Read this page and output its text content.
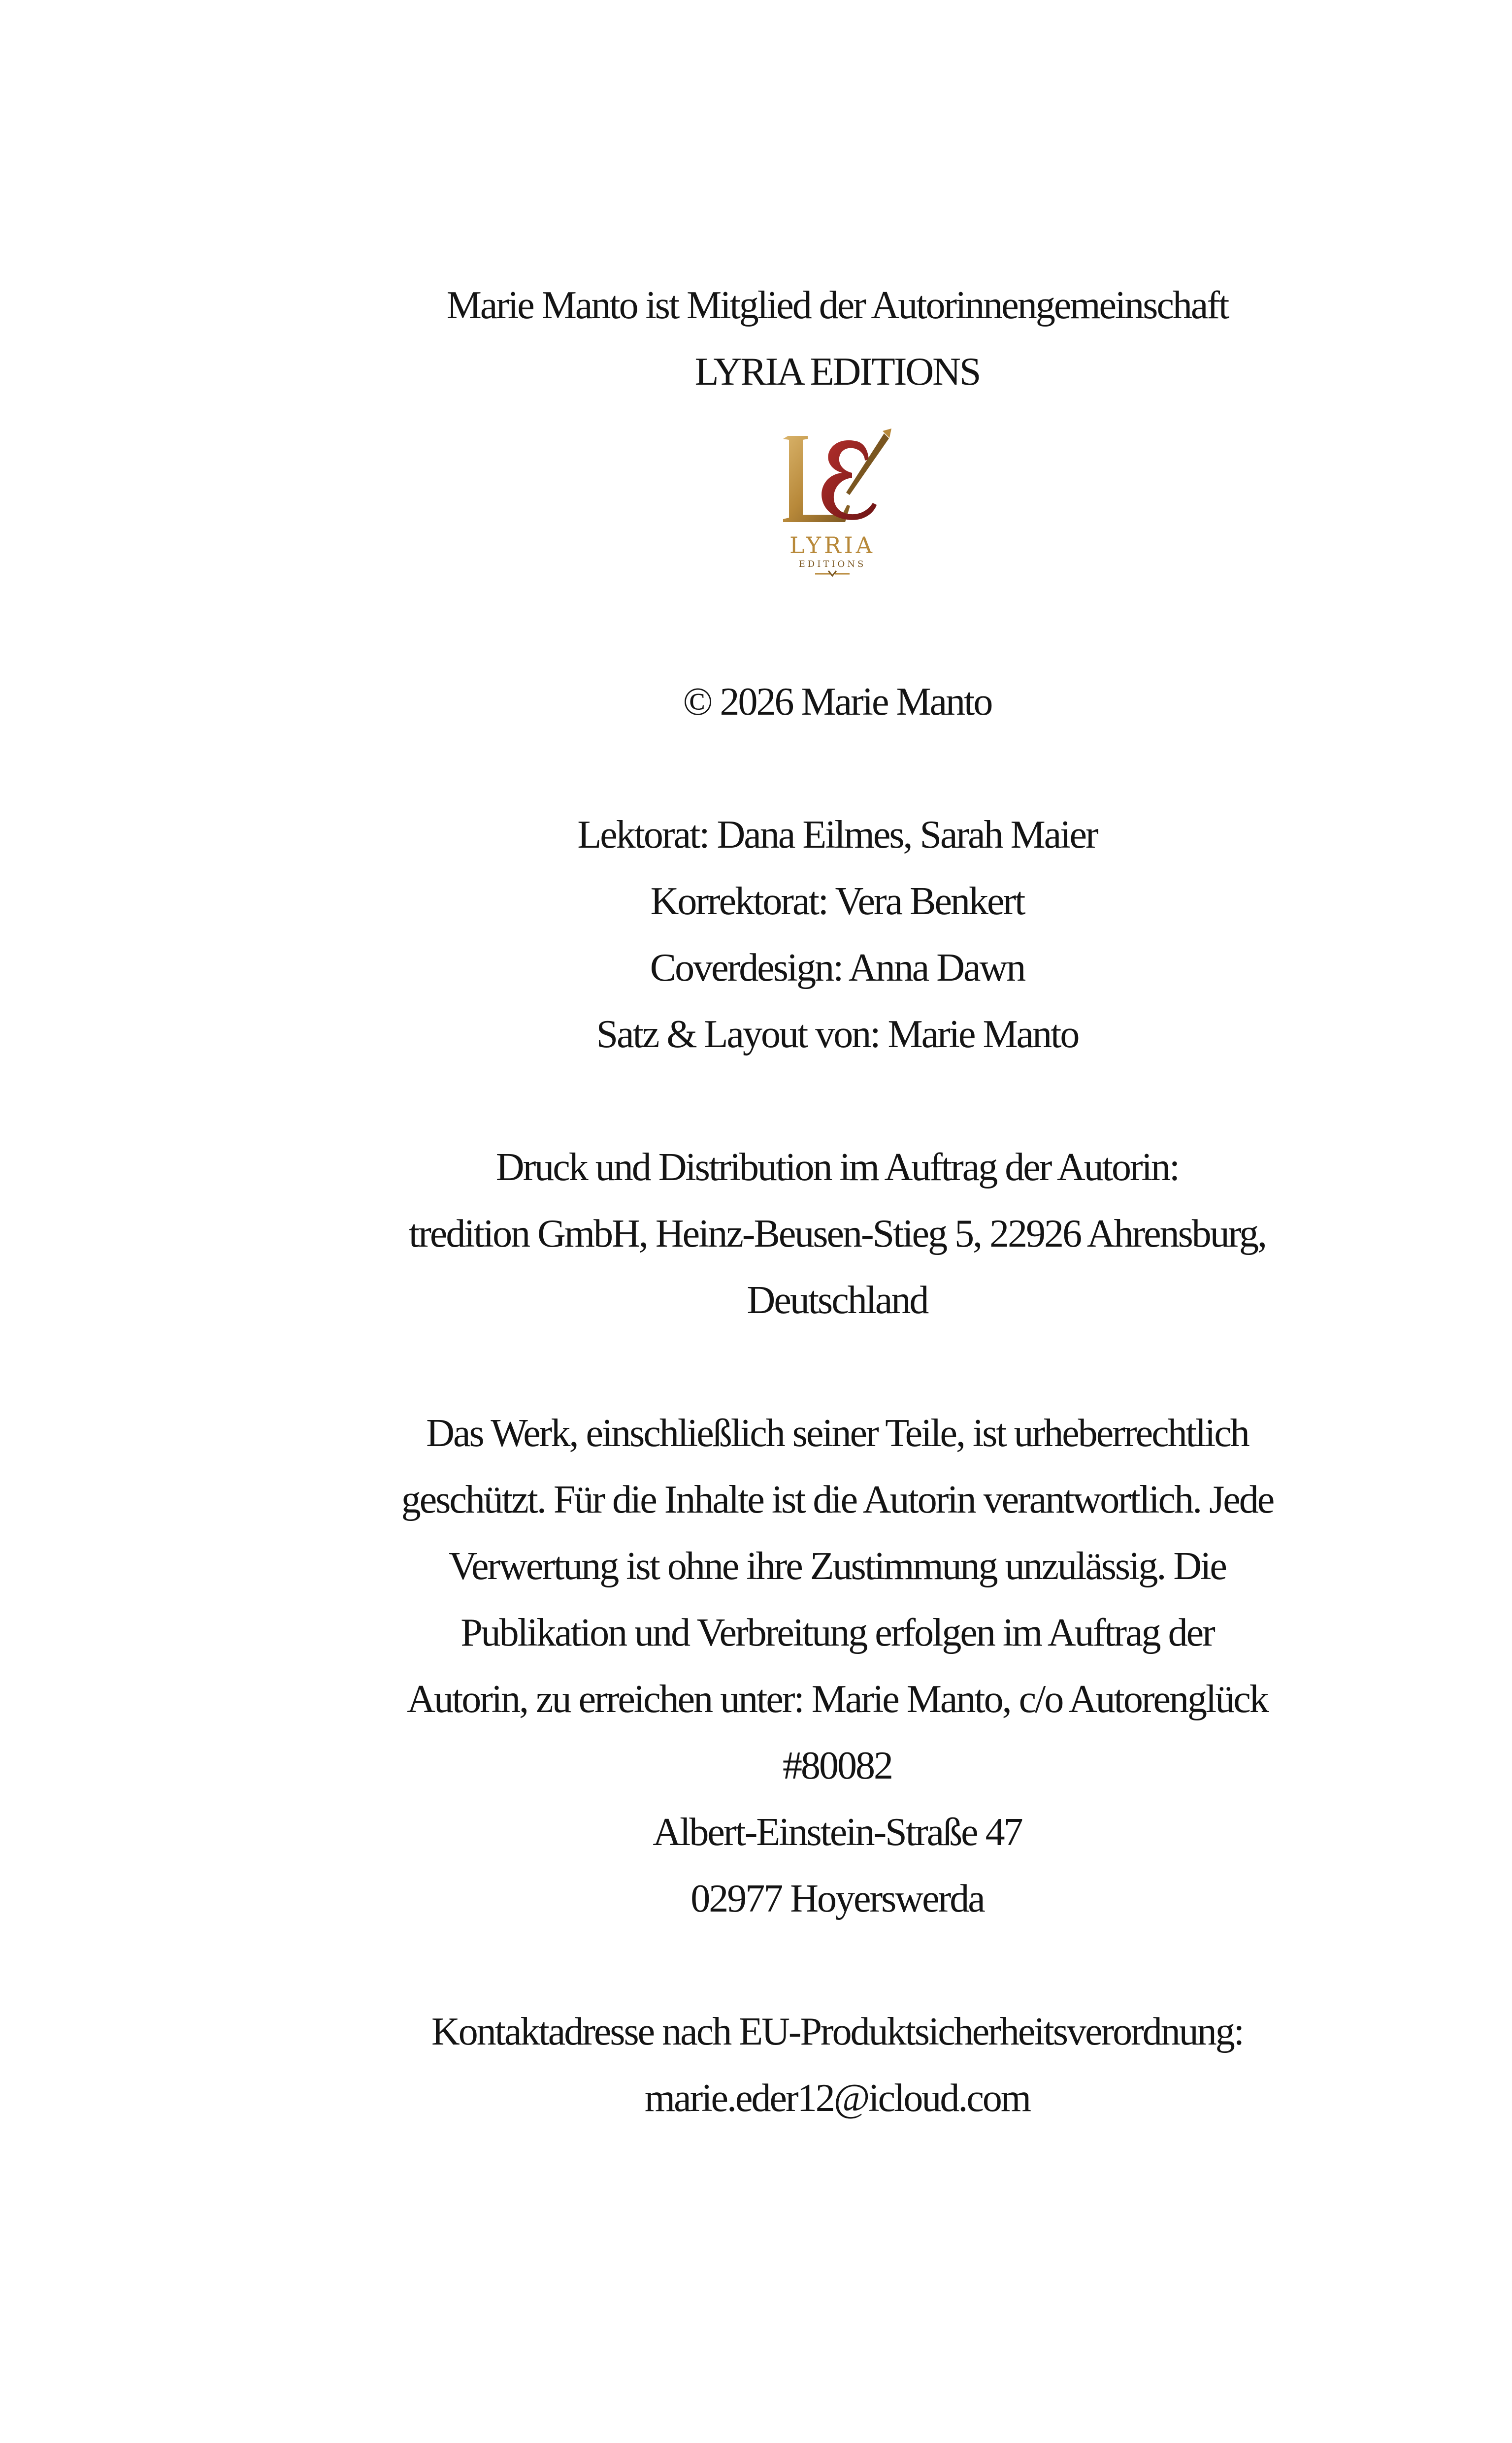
Marie Manto ist Mitglied der Autorinnengemeinschaft
LYRIA EDITIONS
LYRIA
EDITIONS
© 2026 Marie Manto
Lektorat: Dana Eilmes, Sarah Maier
Korrektorat: Vera Benkert
Coverdesign: Anna Dawn
Satz & Layout von: Marie Manto
Druck und Distribution im Auftrag der Autorin:
tredition GmbH, Heinz-Beusen-Stieg 5, 22926 Ahrensburg,
Deutschland
Das Werk, einschließlich seiner Teile, ist urheberrechtlich
geschützt. Für die Inhalte ist die Autorin verantwortlich. Jede
Verwertung ist ohne ihre Zustimmung unzulässig. Die
Publikation und Verbreitung erfolgen im Auftrag der
Autorin, zu erreichen unter: Marie Manto, c/o Autorenglück
#80082
Albert-Einstein-Straße 47
02977 Hoyerswerda
Kontaktadresse nach EU-Produktsicherheitsverordnung:
marie.eder12@icloud.com
